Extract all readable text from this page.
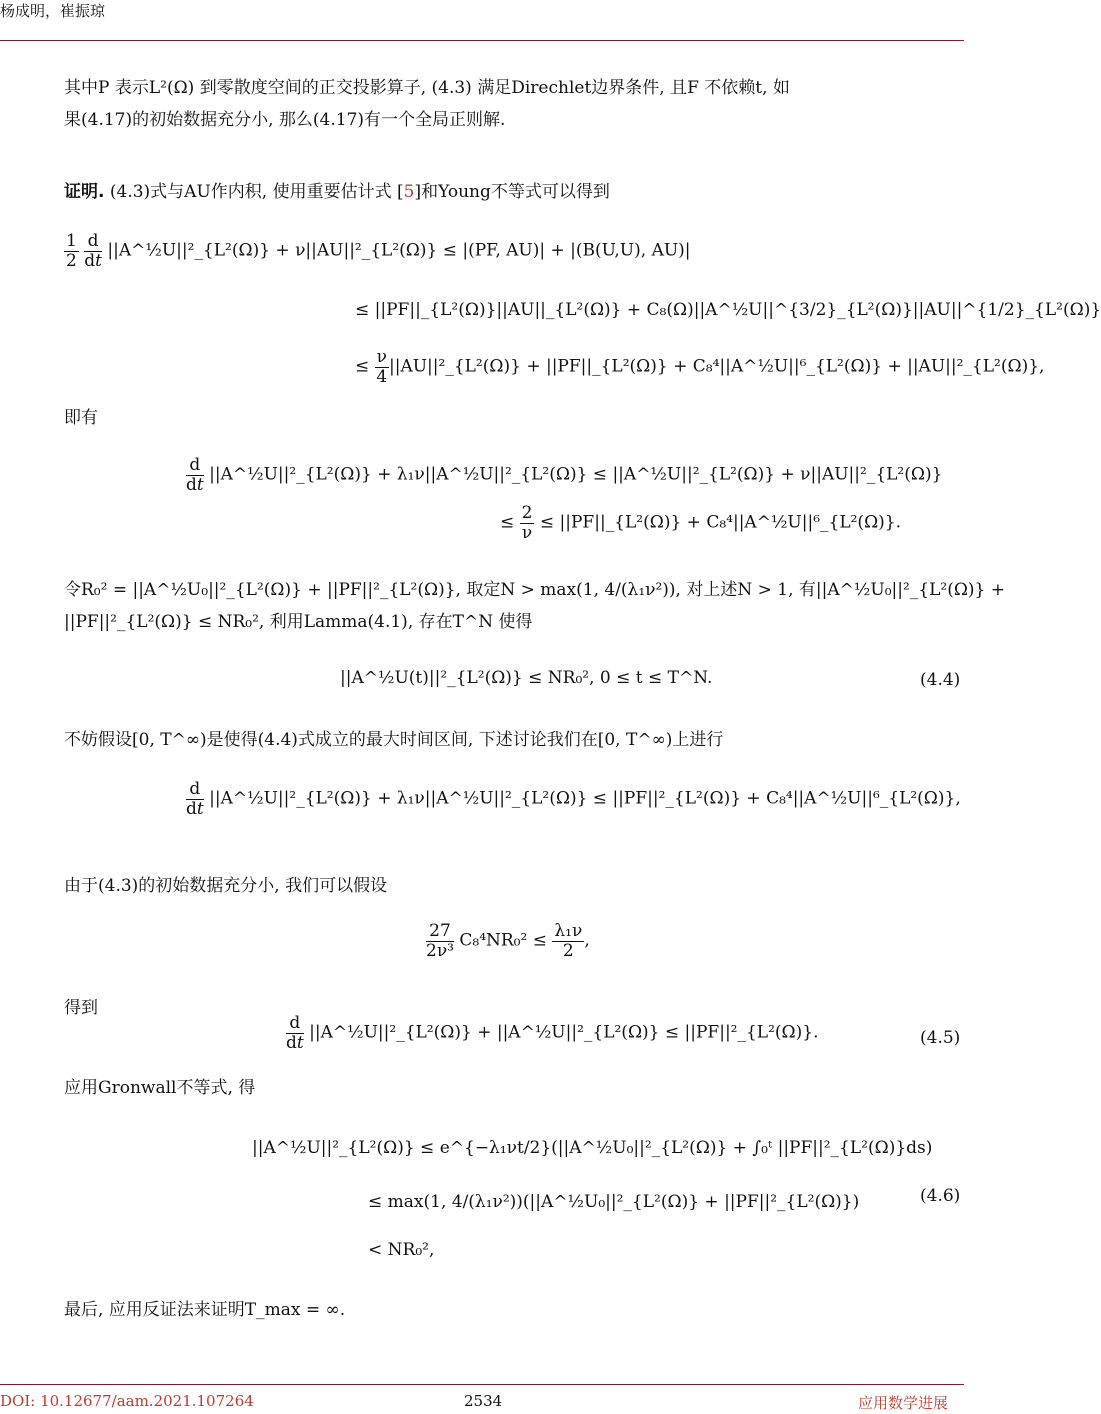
杨成明，崔振琼
其中P 表示L²(Ω) 到零散度空间的正交投影算子, (4.3) 满足Direchlet边界条件, 且F 不依赖t, 如
果(4.17)的初始数据充分小, 那么(4.17)有一个全局正则解.
证明. (4.3)式与AU作内积, 使用重要估计式 [5]和Young不等式可以得到
$\frac{1}{2}$
$\frac{d}{dt}$ ||A^½U||²_{L²(Ω)} + ν||AU||²_{L²(Ω)} ≤ |(PF, AU)| + |(B(U,U), AU)|
≤ ||PF||_{L²(Ω)}||AU||_{L²(Ω)} + C₈(Ω)||A^½U||^{3/2}_{L²(Ω)}||AU||^{1/2}_{L²(Ω)}
≤ $\frac{\nu}{4}$ ||AU||²_{L²(Ω)} + ||PF||_{L²(Ω)} + C₈⁴||A^½U||⁶_{L²(Ω)} + ||AU||²_{L²(Ω)},
即有
$\frac{d}{dt}$ ||A^½U||²_{L²(Ω)} + λ₁ν||A^½U||²_{L²(Ω)} ≤ ||A^½U||²_{L²(Ω)} + ν||AU||²_{L²(Ω)}
≤ $\frac{2}{\nu}$ ≤ ||PF||_{L²(Ω)} + C₈⁴||A^½U||⁶_{L²(Ω)}.
令R₀² = ||A^½U₀||²_{L²(Ω)} + ||PF||²_{L²(Ω)}, 取定N > max(1, 4/(λ₁ν²)), 对上述N > 1, 有||A^½U₀||²_{L²(Ω)} +
||PF||²_{L²(Ω)} ≤ NR₀², 利用Lamma(4.1), 存在T^N 使得
||A^½U(t)||²_{L²(Ω)} ≤ NR₀², 0 ≤ t ≤ T^N.	(4.4)
不妨假设[0, T^∞)是使得(4.4)式成立的最大时间区间, 下述讨论我们在[0, T^∞)上进行
$\frac{d}{dt}$ ||A^½U||²_{L²(Ω)} + λ₁ν||A^½U||²_{L²(Ω)} ≤ ||PF||²_{L²(Ω)} + C₈⁴||A^½U||⁶_{L²(Ω)},
由于(4.3)的初始数据充分小, 我们可以假设
$\frac{27}{\text{2ν³}} C_8^4NR_0^2 \le \frac{\text{λ₁ν}}{2}$ ,
得到
$\frac{d}{dt}$ ||A^½U||²_{L²(Ω)} + ||A^½U||²_{L²(Ω)} ≤ ||PF||²_{L²(Ω)}.	(4.5)
应用Gronwall不等式, 得
||A^½U||²_{L²(Ω)} ≤ e^{−λ₁νt/2}(||A^½U₀||²_{L²(Ω)} + ∫₀ᵗ ||PF||²_{L²(Ω)}ds)
≤ max(1, 4/(λ₁ν²))(||A^½U₀||²_{L²(Ω)} + ||PF||²_{L²(Ω)})
< NR₀²,
(4.6)
最后, 应用反证法来证明T_max = ∞.
DOI: 10.12677/aam.2021.107264	2534	应用数学进展
